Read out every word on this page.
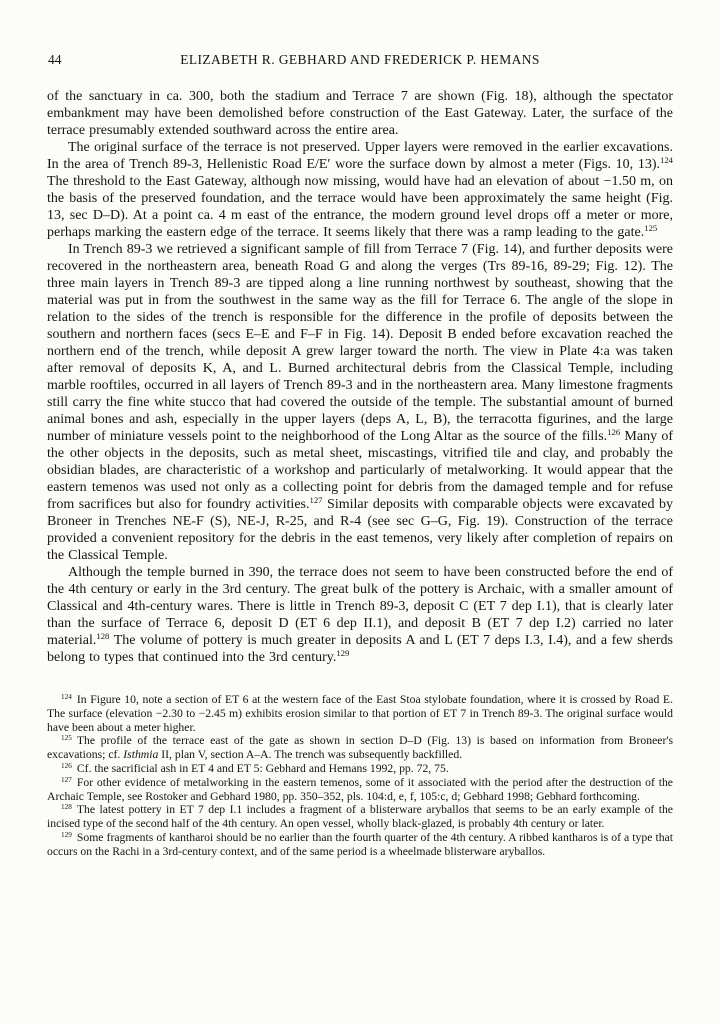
44	ELIZABETH R. GEBHARD AND FREDERICK P. HEMANS

of the sanctuary in ca. 300, both the stadium and Terrace 7 are shown (Fig. 18), although the spectator embankment may have been demolished before construction of the East Gateway. Later, the surface of the terrace presumably extended southward across the entire area.

The original surface of the terrace is not preserved. Upper layers were removed in the earlier excavations. In the area of Trench 89-3, Hellenistic Road E/E′ wore the surface down by almost a meter (Figs. 10, 13).$^{124}$ The threshold to the East Gateway, although now missing, would have had an elevation of about −1.50 m, on the basis of the preserved foundation, and the terrace would have been approximately the same height (Fig. 13, sec D–D). At a point ca. 4 m east of the entrance, the modern ground level drops off a meter or more, perhaps marking the eastern edge of the terrace. It seems likely that there was a ramp leading to the gate.$^{125}$

In Trench 89-3 we retrieved a significant sample of fill from Terrace 7 (Fig. 14), and further deposits were recovered in the northeastern area, beneath Road G and along the verges (Trs 89-16, 89-29; Fig. 12). The three main layers in Trench 89-3 are tipped along a line running northwest by southeast, showing that the material was put in from the southwest in the same way as the fill for Terrace 6. The angle of the slope in relation to the sides of the trench is responsible for the difference in the profile of deposits between the southern and northern faces (secs E–E and F–F in Fig. 14). Deposit B ended before excavation reached the northern end of the trench, while deposit A grew larger toward the north. The view in Plate 4:a was taken after removal of deposits K, A, and L. Burned architectural debris from the Classical Temple, including marble rooftiles, occurred in all layers of Trench 89-3 and in the northeastern area. Many limestone fragments still carry the fine white stucco that had covered the outside of the temple. The substantial amount of burned animal bones and ash, especially in the upper layers (deps A, L, B), the terracotta figurines, and the large number of miniature vessels point to the neighborhood of the Long Altar as the source of the fills.$^{126}$ Many of the other objects in the deposits, such as metal sheet, miscastings, vitrified tile and clay, and probably the obsidian blades, are characteristic of a workshop and particularly of metalworking. It would appear that the eastern temenos was used not only as a collecting point for debris from the damaged temple and for refuse from sacrifices but also for foundry activities.$^{127}$ Similar deposits with comparable objects were excavated by Broneer in Trenches NE-F (S), NE-J, R-25, and R-4 (see sec G–G, Fig. 19). Construction of the terrace provided a convenient repository for the debris in the east temenos, very likely after completion of repairs on the Classical Temple.

Although the temple burned in 390, the terrace does not seem to have been constructed before the end of the 4th century or early in the 3rd century. The great bulk of the pottery is Archaic, with a smaller amount of Classical and 4th-century wares. There is little in Trench 89-3, deposit C (ET 7 dep I.1), that is clearly later than the surface of Terrace 6, deposit D (ET 6 dep II.1), and deposit B (ET 7 dep I.2) carried no later material.$^{128}$ The volume of pottery is much greater in deposits A and L (ET 7 deps I.3, I.4), and a few sherds belong to types that continued into the 3rd century.$^{129}$

$^{124}$ In Figure 10, note a section of ET 6 at the western face of the East Stoa stylobate foundation, where it is crossed by Road E. The surface (elevation −2.30 to −2.45 m) exhibits erosion similar to that portion of ET 7 in Trench 89-3. The original surface would have been about a meter higher.

$^{125}$ The profile of the terrace east of the gate as shown in section D–D (Fig. 13) is based on information from Broneer's excavations; cf. Isthmia II, plan V, section A–A. The trench was subsequently backfilled.

$^{126}$ Cf. the sacrificial ash in ET 4 and ET 5: Gebhard and Hemans 1992, pp. 72, 75.

$^{127}$ For other evidence of metalworking in the eastern temenos, some of it associated with the period after the destruction of the Archaic Temple, see Rostoker and Gebhard 1980, pp. 350–352, pls. 104:d, e, f, 105:c, d; Gebhard 1998; Gebhard forthcoming.

$^{128}$ The latest pottery in ET 7 dep I.1 includes a fragment of a blisterware aryballos that seems to be an early example of the incised type of the second half of the 4th century. An open vessel, wholly black-glazed, is probably 4th century or later.

$^{129}$ Some fragments of kantharoi should be no earlier than the fourth quarter of the 4th century. A ribbed kantharos is of a type that occurs on the Rachi in a 3rd-century context, and of the same period is a wheelmade blisterware aryballos.
